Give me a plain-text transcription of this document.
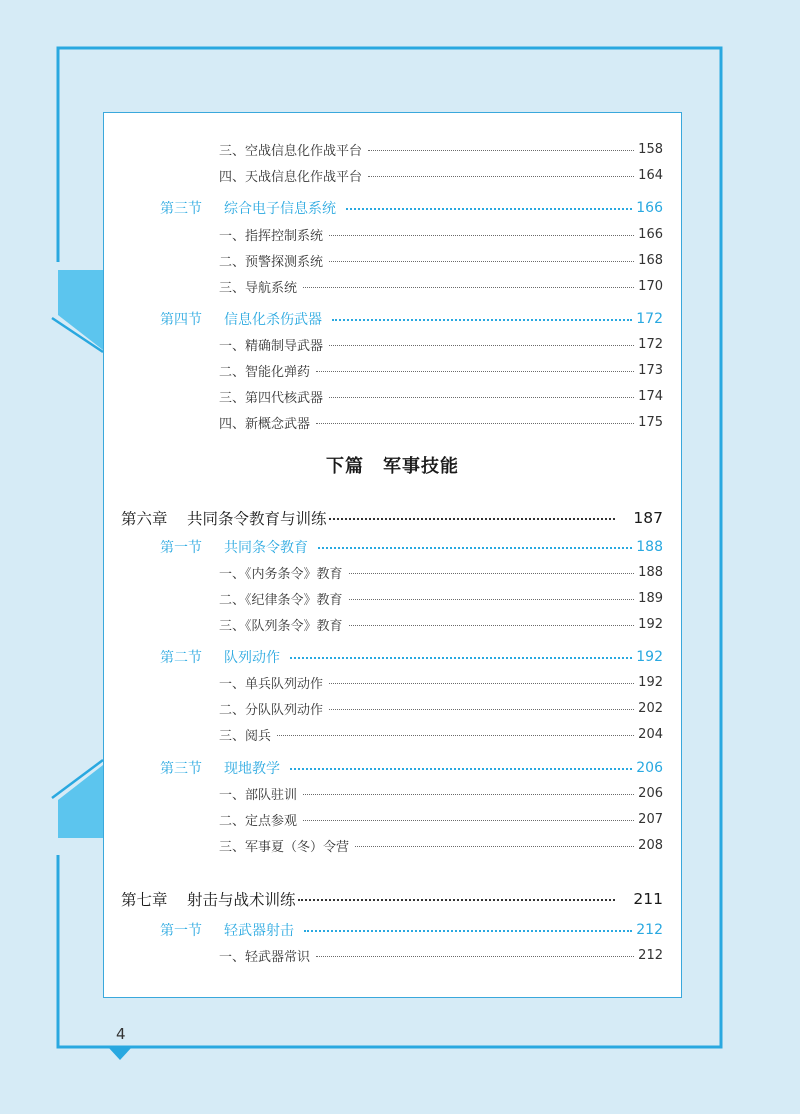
三、空战信息化作战平台	158
四、天战信息化作战平台	164
第三节	综合电子信息系统	166
一、指挥控制系统	166
二、预警探测系统	168
三、导航系统	170
第四节	信息化杀伤武器	172
一、精确制导武器	172
二、智能化弹药	173
三、第四代核武器	174
四、新概念武器	175
第六章	共同条令教育与训练	187
第一节	共同条令教育	188
一、《内务条令》教育	188
二、《纪律条令》教育	189
三、《队列条令》教育	192
第二节	队列动作	192
一、单兵队列动作	192
二、分队队列动作	202
三、阅兵	204
第三节	现地教学	206
一、部队驻训	206
二、定点参观	207
三、军事夏（冬）令营	208
第七章	射击与战术训练	211
第一节	轻武器射击	212
一、轻武器常识	212
下篇　军事技能
4
